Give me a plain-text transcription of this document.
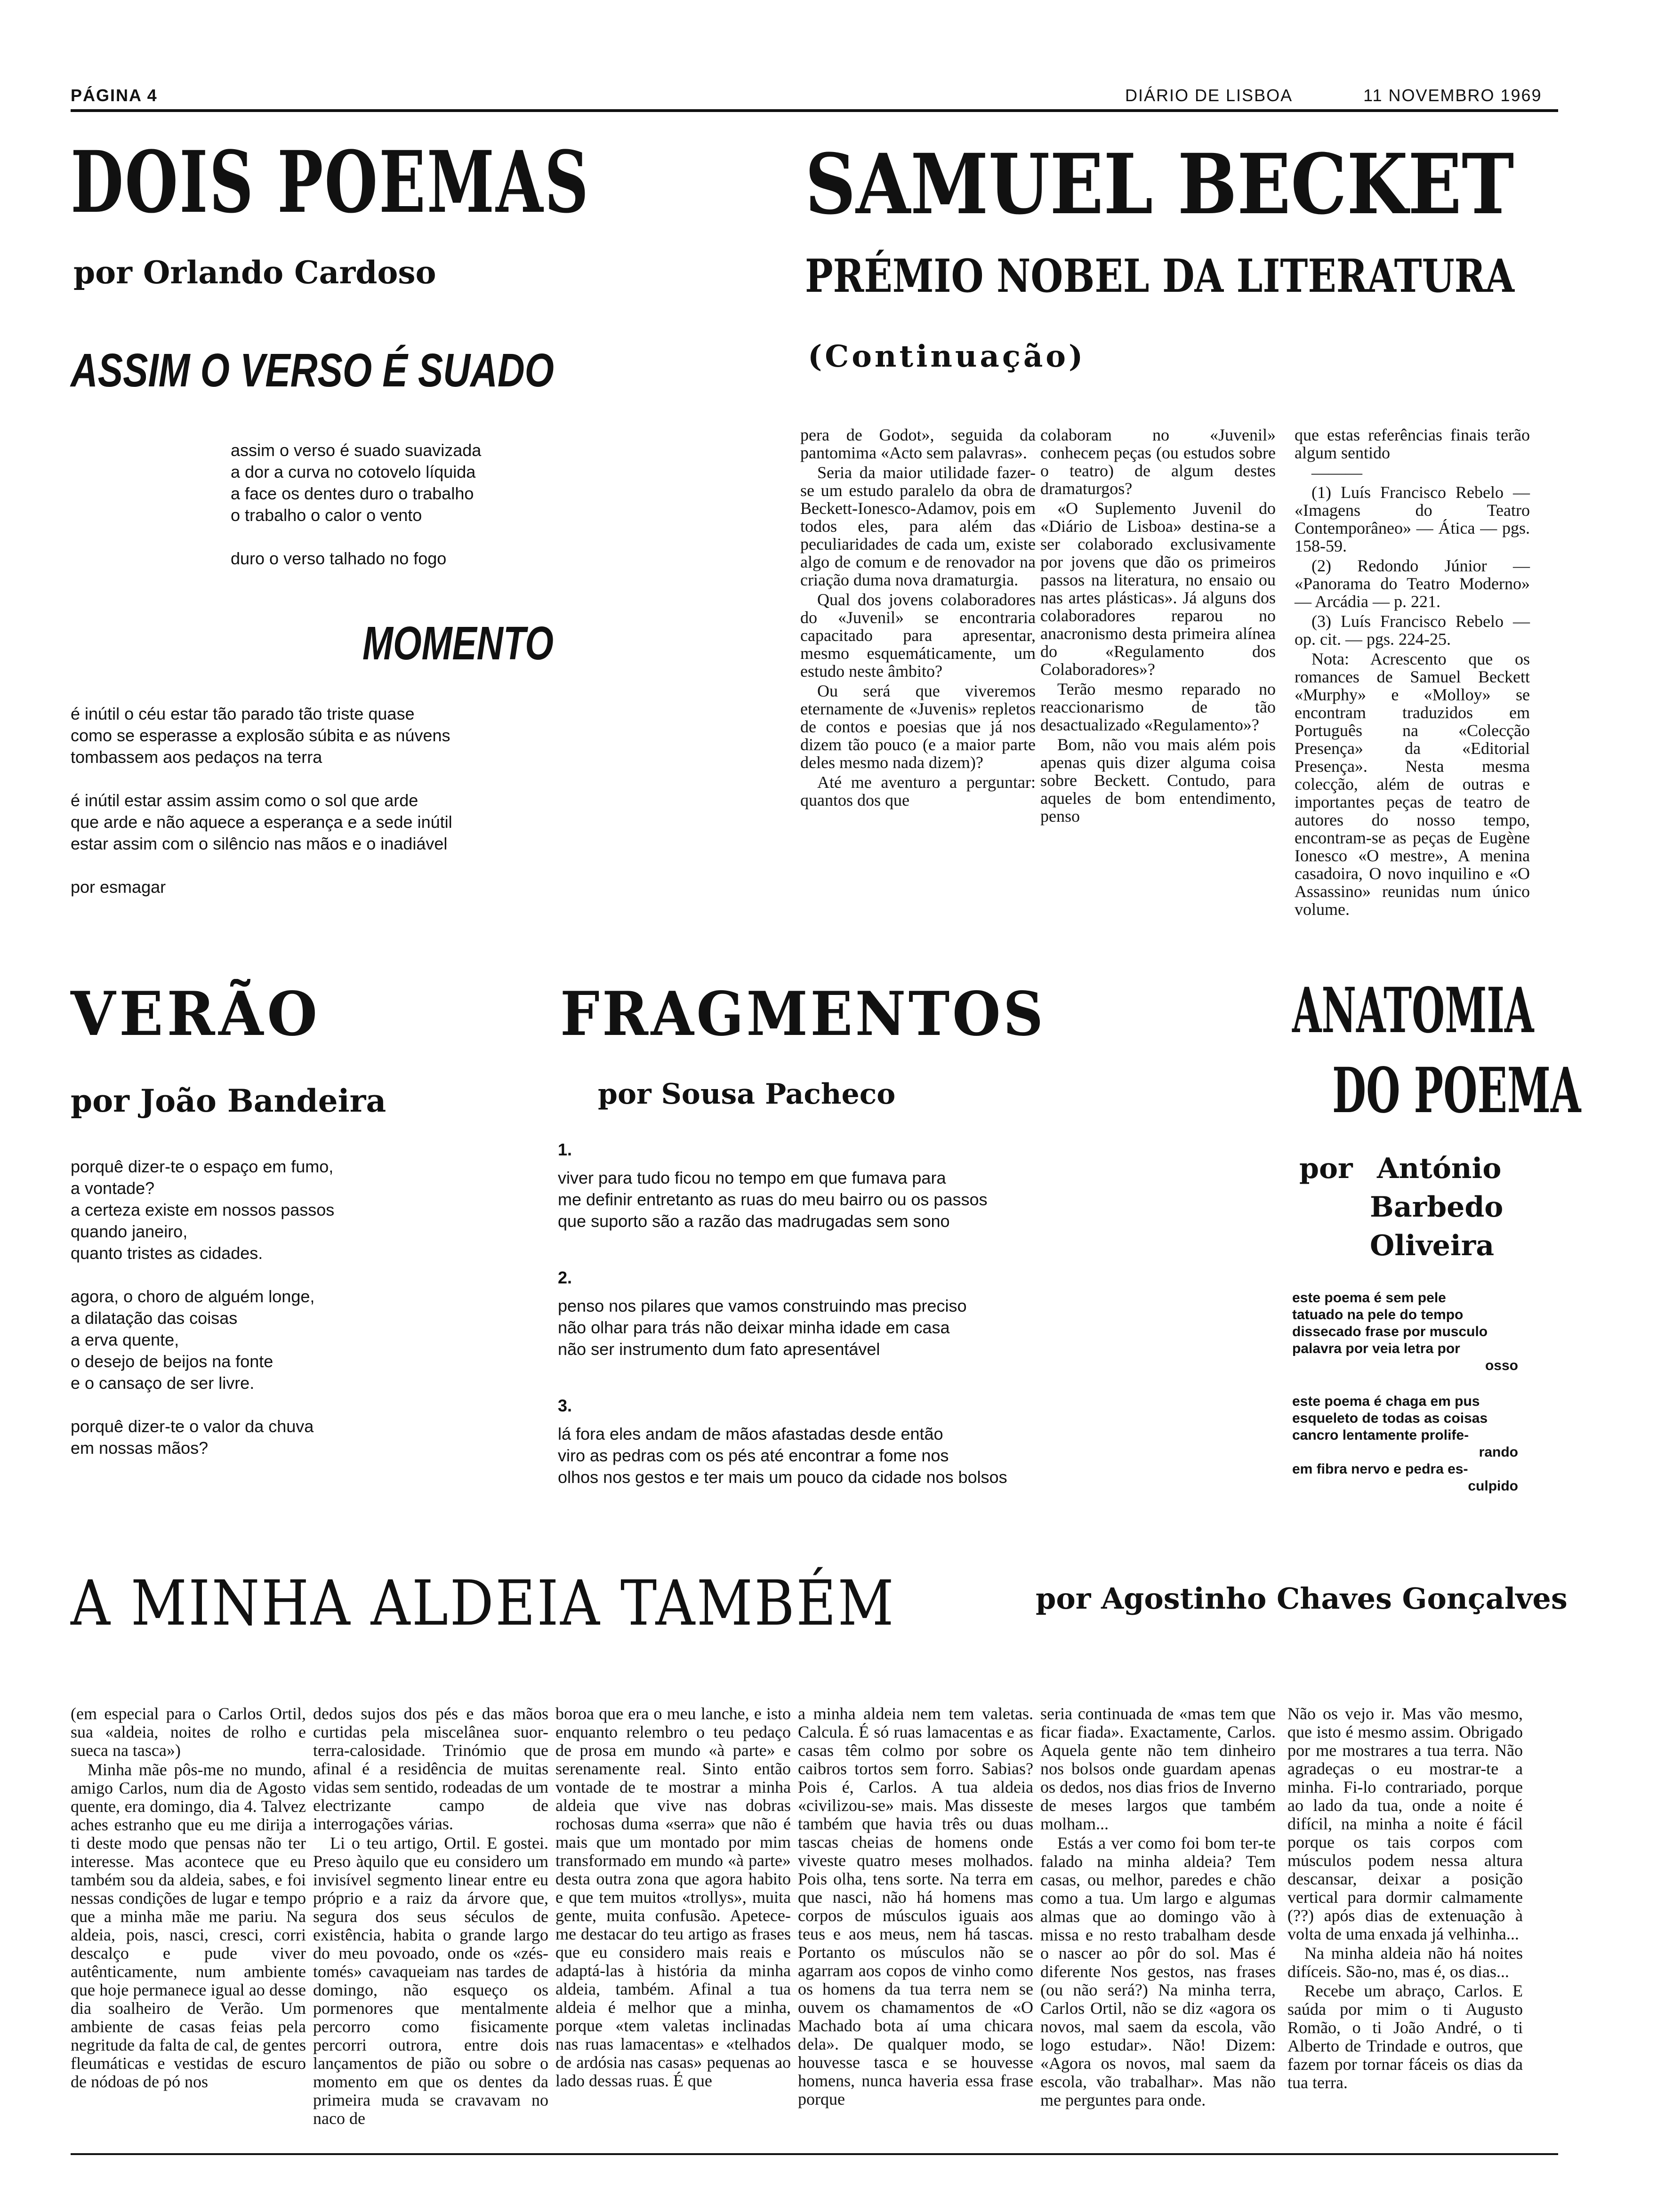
PÁGINA 4	DIÁRIO DE LISBOA	11 NOVEMBRO 1969
DOIS POEMAS
por Orlando Cardoso
ASSIM O VERSO É SUADO

assim o verso é suado suavizada

a dor a curva no cotovelo líquida

a face os dentes duro o trabalho

o trabalho o calor o vento

duro o verso talhado no fogo

MOMENTO

é inútil o céu estar tão parado tão triste quase

como se esperasse a explosão súbita e as núvens

tombassem aos pedaços na terra

é inútil estar assim assim como o sol que arde

que arde e não aquece a esperança e a sede inútil

estar assim com o silêncio nas mãos e o inadiável

por esmagar

SAMUEL BECKET
PRÉMIO NOBEL DA LITERATURA
(Continuação)

pera de Godot», seguida da pantomima «Acto sem palavras».

Seria da maior utilidade fazer-se um estudo paralelo da obra de Beckett-Ionesco-Adamov, pois em todos eles, para além das peculiaridades de cada um, existe algo de comum e de renovador na criação duma nova dramaturgia.

Qual dos jovens colaboradores do «Juvenil» se encontraria capacitado para apresentar, mesmo esquemáticamente, um estudo neste âmbito?

Ou será que viveremos eternamente de «Juvenis» repletos de contos e poesias que já nos dizem tão pouco (e a maior parte deles mesmo nada dizem)?

Até me aventuro a perguntar: quantos dos que

colaboram no «Juvenil» conhecem peças (ou estudos sobre o teatro) de algum destes dramaturgos?

«O Suplemento Juvenil do «Diário de Lisboa» destina-se a ser colaborado exclusivamente por jovens que dão os primeiros passos na literatura, no ensaio ou nas artes plásticas». Já alguns dos colaboradores reparou no anacronismo desta primeira alínea do «Regulamento dos Colaboradores»?

Terão mesmo reparado no reaccionarismo de tão desactualizado «Regulamento»?

Bom, não vou mais além pois apenas quis dizer alguma coisa sobre Beckett. Contudo, para aqueles de bom entendimento, penso

que estas referências finais terão algum sentido

———

(1) Luís Francisco Rebelo — «Imagens do Teatro Contemporâneo» — Ática — pgs. 158-59.

(2) Redondo Júnior — «Panorama do Teatro Moderno» — Arcádia — p. 221.

(3) Luís Francisco Rebelo — op. cit. — pgs. 224-25.

Nota: Acrescento que os romances de Samuel Beckett «Murphy» e «Molloy» se encontram traduzidos em Português na «Colecção Presença» da «Editorial Presença». Nesta mesma colecção, além de outras e importantes peças de teatro de autores do nosso tempo, encontram-se as peças de Eugène Ionesco «O mestre», A menina casadoira, O novo inquilino e «O Assassino» reunidas num único volume.

VERÃO
por João Bandeira

porquê dizer-te o espaço em fumo,

a vontade?

a certeza existe em nossos passos

quando janeiro,

quanto tristes as cidades.

agora, o choro de alguém longe,

a dilatação das coisas

a erva quente,

o desejo de beijos na fonte

e o cansaço de ser livre.

porquê dizer-te o valor da chuva

em nossas mãos?

FRAGMENTOS
por Sousa Pacheco

1.

viver para tudo ficou no tempo em que fumava para

me definir entretanto as ruas do meu bairro ou os passos

que suporto são a razão das madrugadas sem sono

2.

penso nos pilares que vamos construindo mas preciso

não olhar para trás não deixar minha idade em casa

não ser instrumento dum fato apresentável

3.

lá fora eles andam de mãos afastadas desde então

viro as pedras com os pés até encontrar a fome nos

olhos nos gestos e ter mais um pouco da cidade nos bolsos

ANATOMIA
DO POEMA
por António
Barbedo
Oliveira

este poema é sem pele

tatuado na pele do tempo

dissecado frase por musculo

palavra por veia letra por

osso

este poema é chaga em pus

esqueleto de todas as coisas

cancro lentamente prolife-

rando

em fibra nervo e pedra es-

culpido

A MINHA ALDEIA TAMBÉM	por Agostinho Chaves Gonçalves

(em especial para o Carlos Ortil, sua «aldeia, noites de rolho e sueca na tasca»)

Minha mãe pôs-me no mundo, amigo Carlos, num dia de Agosto quente, era domingo, dia 4. Talvez aches estranho que eu me dirija a ti deste modo que pensas não ter interesse. Mas acontece que eu também sou da aldeia, sabes, e foi nessas condições de lugar e tempo que a minha mãe me pariu. Na aldeia, pois, nasci, cresci, corri descalço e pude viver autênticamente, num ambiente que hoje permanece igual ao desse dia soalheiro de Verão. Um ambiente de casas feias pela negritude da falta de cal, de gentes fleumáticas e vestidas de escuro de nódoas de pó nos

dedos sujos dos pés e das mãos curtidas pela miscelânea suor-terra-calosidade. Trinómio que afinal é a residência de muitas vidas sem sentido, rodeadas de um electrizante campo de interrogações várias.

Li o teu artigo, Ortil. E gostei. Preso àquilo que eu considero um invisível segmento linear entre eu próprio e a raiz da árvore que, segura dos seus séculos de existência, habita o grande largo do meu povoado, onde os «zés-tomés» cavaqueiam nas tardes de domingo, não esqueço os pormenores que mentalmente percorro como fisicamente percorri outrora, entre dois lançamentos de pião ou sobre o momento em que os dentes da primeira muda se cravavam no naco de

boroa que era o meu lanche, e isto enquanto relembro o teu pedaço de prosa em mundo «à parte» e serenamente real. Sinto então vontade de te mostrar a minha aldeia que vive nas dobras rochosas duma «serra» que não é mais que um montado por mim transformado em mundo «à parte» desta outra zona que agora habito e que tem muitos «trollys», muita gente, muita confusão. Apetece-me destacar do teu artigo as frases que eu considero mais reais e adaptá-las à história da minha aldeia, também. Afinal a tua aldeia é melhor que a minha, porque «tem valetas inclinadas nas ruas lamacentas» e «telhados de ardósia nas casas» pequenas ao lado dessas ruas. É que

a minha aldeia nem tem valetas. Calcula. É só ruas lamacentas e as casas têm colmo por sobre os caibros tortos sem forro. Sabias? Pois é, Carlos. A tua aldeia «civilizou-se» mais. Mas disseste também que havia três ou duas tascas cheias de homens onde viveste quatro meses molhados. Pois olha, tens sorte. Na terra em que nasci, não há homens mas corpos de músculos iguais aos teus e aos meus, nem há tascas. Portanto os músculos não se agarram aos copos de vinho como os homens da tua terra nem se ouvem os chamamentos de «O Machado bota aí uma chicara dela». De qualquer modo, se houvesse tasca e se houvesse homens, nunca haveria essa frase porque

seria continuada de «mas tem que ficar fiada». Exactamente, Carlos. Aquela gente não tem dinheiro nos bolsos onde guardam apenas os dedos, nos dias frios de Inverno de meses largos que também molham...

Estás a ver como foi bom ter-te falado na minha aldeia? Tem casas, ou melhor, paredes e chão como a tua. Um largo e algumas almas que ao domingo vão à missa e no resto trabalham desde o nascer ao pôr do sol. Mas é diferente Nos gestos, nas frases (ou não será?) Na minha terra, Carlos Ortil, não se diz «agora os novos, mal saem da escola, vão logo estudar». Não! Dizem: «Agora os novos, mal saem da escola, vão trabalhar». Mas não me perguntes para onde.

Não os vejo ir. Mas vão mesmo, que isto é mesmo assim. Obrigado por me mostrares a tua terra. Não agradeças o eu mostrar-te a minha. Fi-lo contrariado, porque ao lado da tua, onde a noite é difícil, na minha a noite é fácil porque os tais corpos com músculos podem nessa altura descansar, deixar a posição vertical para dormir calmamente (??) após dias de extenuação à volta de uma enxada já velhinha...

Na minha aldeia não há noites difíceis. São-no, mas é, os dias...

Recebe um abraço, Carlos. E saúda por mim o ti Augusto Romão, o ti João André, o ti Alberto de Trindade e outros, que fazem por tornar fáceis os dias da tua terra.
